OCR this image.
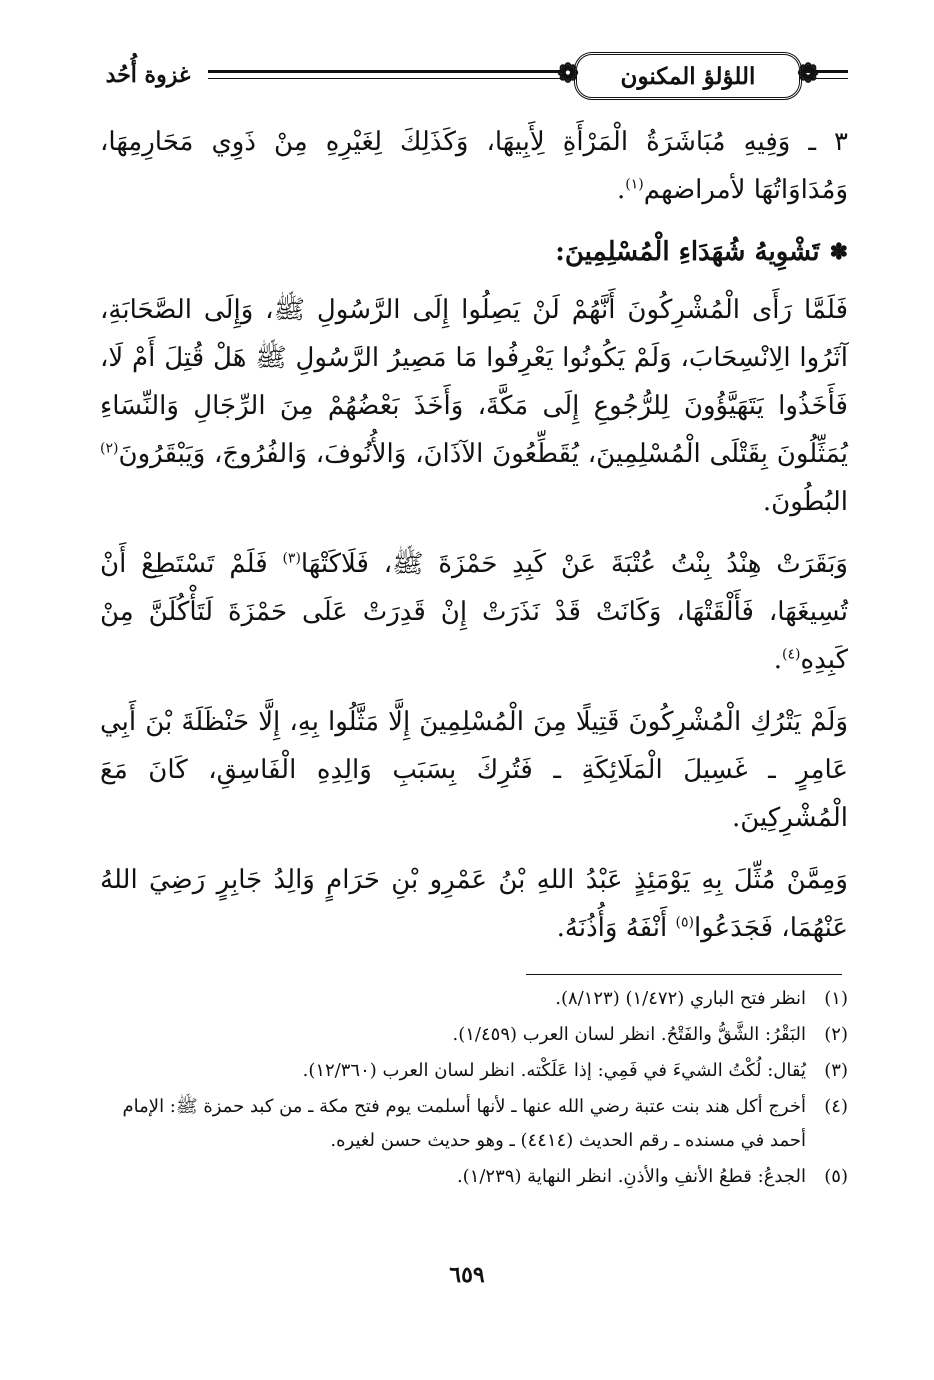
❁
اللؤلؤ المكنون
❁
غزوة أُحُد

٣ ـ وَفِيهِ مُبَاشَرَةُ الْمَرْأَةِ لِأَبِيهَا، وَكَذَلِكَ لِغَيْرِهِ مِنْ ذَوِي مَحَارِمِهَا، وَمُدَاوَاتُهَا لأمراضهم$^{(١)}$.

✽
تَشْوِيهُ شُهَدَاءِ الْمُسْلِمِينَ:

فَلَمَّا رَأَى الْمُشْرِكُونَ أَنَّهُمْ لَنْ يَصِلُوا إِلَى الرَّسُولِ ﷺ، وَإِلَى الصَّحَابَةِ، آثَرُوا الِانْسِحَابَ، وَلَمْ يَكُونُوا يَعْرِفُوا مَا مَصِيرُ الرَّسُولِ ﷺ هَلْ قُتِلَ أَمْ لَا، فَأَخَذُوا يَتَهَيَّؤُونَ لِلرُّجُوعِ إِلَى مَكَّةَ، وَأَخَذَ بَعْضُهُمْ مِنَ الرِّجَالِ وَالنِّسَاءِ يُمَثِّلُونَ بِقَتْلَى الْمُسْلِمِينَ، يُقَطِّعُونَ الآذَانَ، وَالأُنُوفَ، وَالفُرُوجَ، وَيَبْقَرُونَ$^{(٢)}$ البُطُونَ.

وَبَقَرَتْ هِنْدُ بِنْتُ عُتْبَةَ عَنْ كَبِدِ حَمْزَةَ ﷺ، فَلَاكَتْهَا$^{(٣)}$ فَلَمْ تَسْتَطِعْ أَنْ تُسِيغَهَا، فَأَلْقَتْهَا، وَكَانَتْ قَدْ نَذَرَتْ إِنْ قَدِرَتْ عَلَى حَمْزَةَ لَتَأْكُلَنَّ مِنْ كَبِدِهِ$^{(٤)}$.

وَلَمْ يَتْرُكِ الْمُشْرِكُونَ قَتِيلًا مِنَ الْمُسْلِمِينَ إِلَّا مَثَّلُوا بِهِ، إِلَّا حَنْظَلَةَ بْنَ أَبِي عَامِرٍ ـ غَسِيلَ الْمَلَائِكَةِ ـ فَتُرِكَ بِسَبَبِ وَالِدِهِ الْفَاسِقِ، كَانَ مَعَ الْمُشْرِكِينَ.

وَمِمَّنْ مُثِّلَ بِهِ يَوْمَئِذٍ عَبْدُ اللهِ بْنُ عَمْرِو بْنِ حَرَامٍ وَالِدُ جَابِرٍ رَضِيَ اللهُ عَنْهُمَا، فَجَدَعُوا$^{(٥)}$ أَنْفَهُ وَأُذُنَهُ.

(١)
انظر فتح الباري (١/٤٧٢) (٨/١٢٣).
(٢)
البَقْرُ: الشَّقُّ والفَتْحُ. انظر لسان العرب (١/٤٥٩).
(٣)
يُقال: لُكْتُ الشيءَ في فَمِي: إذا عَلَكْته. انظر لسان العرب (١٢/٣٦٠).
(٤)
أخرج أكل هند بنت عتبة رضي الله عنها ـ لأنها أسلمت يوم فتح مكة ـ من كبد حمزة ﷺ: الإمام أحمد في مسنده ـ رقم الحديث (٤٤١٤) ـ وهو حديث حسن لغيره.
(٥)
الجدعُ: قطعُ الأنفِ والأذنِ. انظر النهاية (١/٢٣٩).
٦٥٩
